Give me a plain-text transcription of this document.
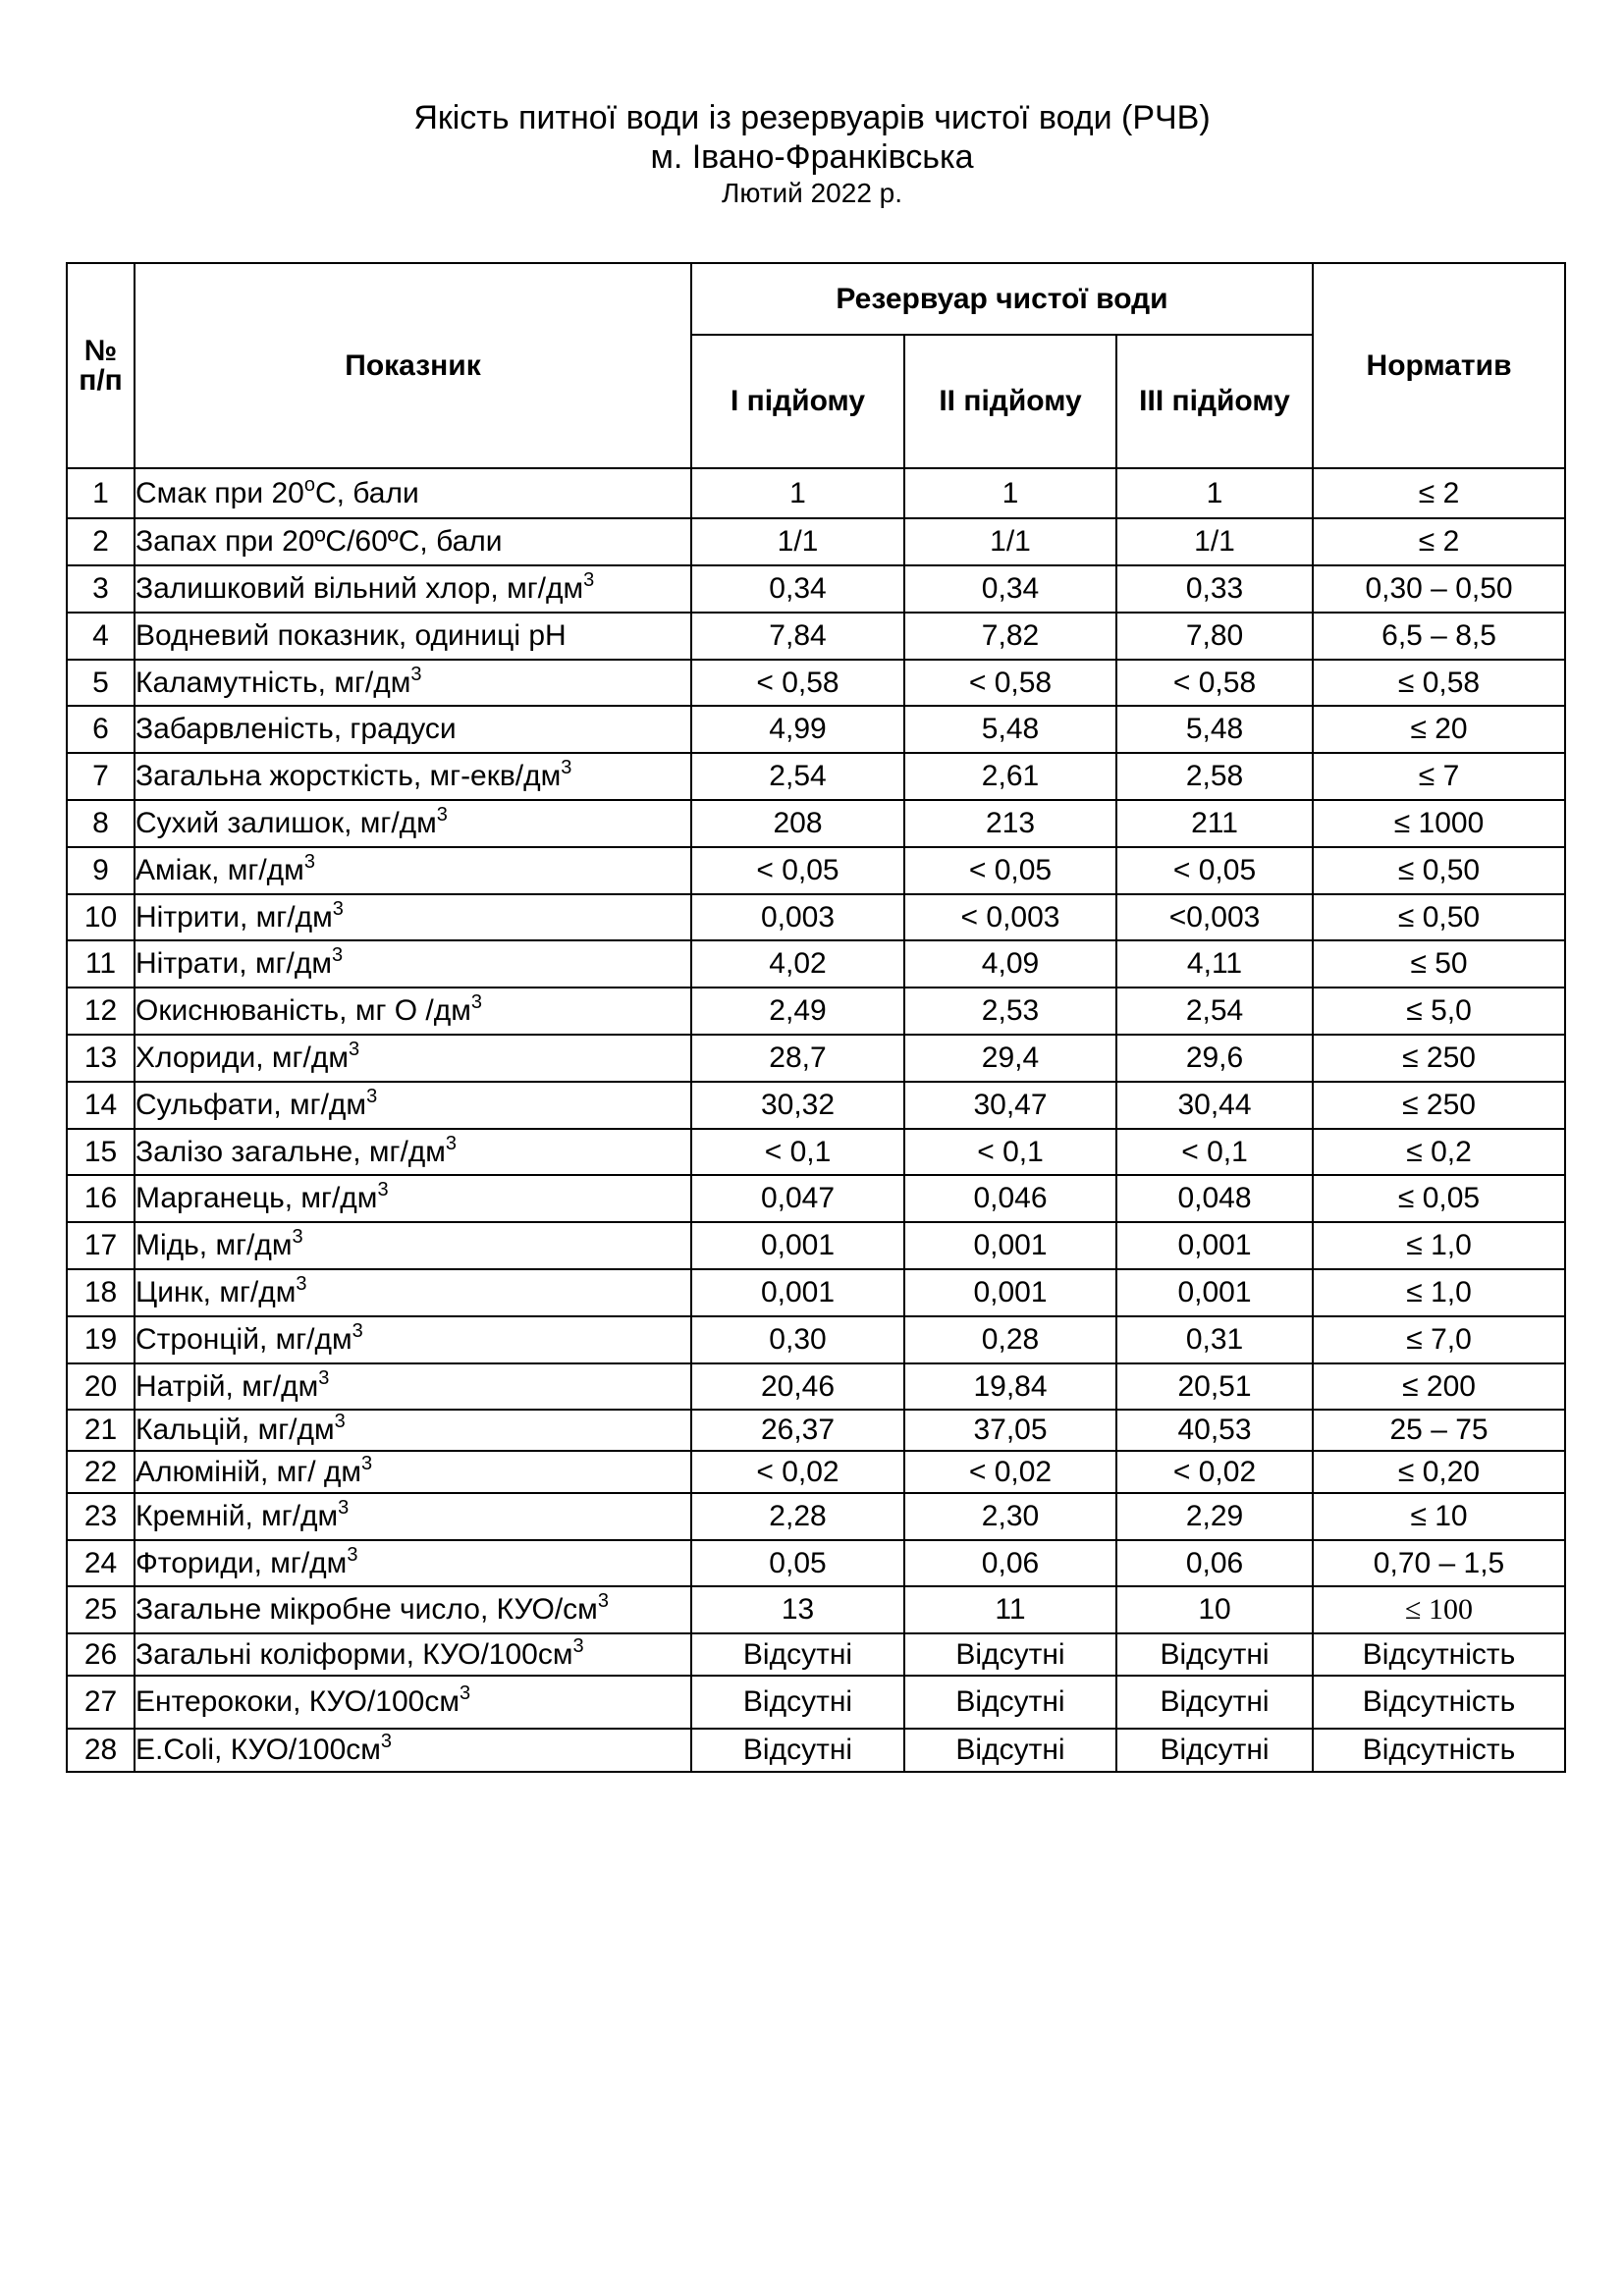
Якість питної води із резервуарів чистої води (РЧВ)
м. Івано-Франківська
Лютий 2022 р.
№
п/п	Показник	Резервуар чистої води			Норматив
		І підйому	ІІ підйому	ІІІ підйому	
1	Смак при $20^оС$, бали	1	1	1	≤ 2
2	Запах при 20ºС/60ºС, бали	1/1	1/1	1/1	≤ 2
3	Залишковий вільний хлор, $мг/дм^3$	0,34	0,34	0,33	0,30 – 0,50
4	Водневий показник, одиниці рН	7,84	7,82	7,80	6,5 – 8,5
5	Каламутність, $мг/дм^3$	< 0,58	< 0,58	< 0,58	≤ 0,58
6	Забарвленість, градуси	4,99	5,48	5,48	≤ 20
7	Загальна жорсткість, $мг-екв/дм^3$	2,54	2,61	2,58	≤ 7
8	Сухий залишок, $мг/дм^3$	208	213	211	≤ 1000
9	Аміак, $мг/дм^3$	< 0,05	< 0,05	< 0,05	≤ 0,50
10	Нітрити, $мг/дм^3$	0,003	< 0,003	<0,003	≤ 0,50
11	Нітрати, $мг/дм^3$	4,02	4,09	4,11	≤ 50
12	Окиснюваність, мг О $/дм^3$	2,49	2,53	2,54	≤ 5,0
13	Хлориди, $мг/дм^3$	28,7	29,4	29,6	≤ 250
14	Сульфати, $мг/дм^3$	30,32	30,47	30,44	≤ 250
15	Залізо загальне, $мг/дм^3$	< 0,1	< 0,1	< 0,1	≤ 0,2
16	Марганець, $мг/дм^3$	0,047	0,046	0,048	≤ 0,05
17	Мідь, $мг/дм^3$	0,001	0,001	0,001	≤ 1,0
18	Цинк, $мг/дм^3$	0,001	0,001	0,001	≤ 1,0
19	Стронцій, $мг/дм^3$	0,30	0,28	0,31	≤ 7,0
20	Натрій, $мг/дм^3$	20,46	19,84	20,51	≤ 200
21	Кальцій, $мг/дм^3$	26,37	37,05	40,53	25 – 75
22	Алюміній, мг/ $дм^3$	< 0,02	< 0,02	< 0,02	≤ 0,20
23	Кремній, $мг/дм^3$	2,28	2,30	2,29	≤ 10
24	Фториди, $мг/дм^3$	0,05	0,06	0,06	0,70 – 1,5
25	Загальне мікробне число, КУО/$см^3$	13	11	10	≤ 100
26	Загальні коліформи, КУО/$100см^3$	Відсутні	Відсутні	Відсутні	Відсутність
27	Ентерококи, КУО/$100см^3$	Відсутні	Відсутні	Відсутні	Відсутність
28	E.Coli, КУО/$100см^3$	Відсутні	Відсутні	Відсутні	Відсутність
